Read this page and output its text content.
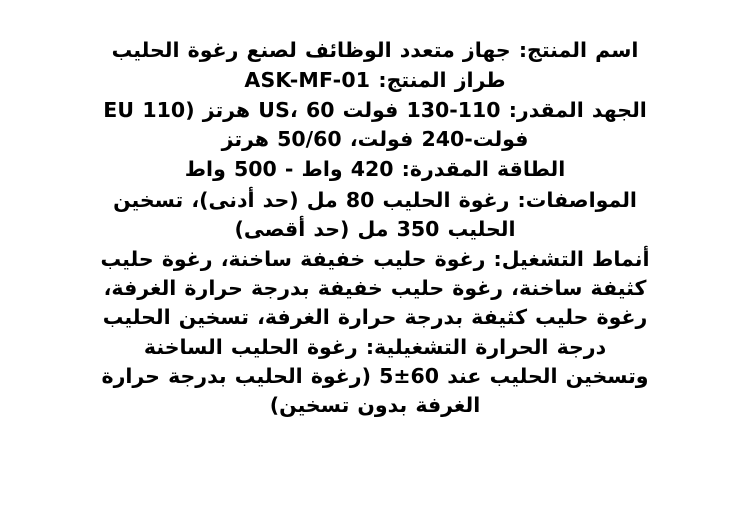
اسم المنتج: جهاز متعدد الوظائف لصنع رغوة الحليب
طراز المنتج: ASK-MF-01
الجهد المقدر: 110-130 فولت US، 60 هرتز (110 EU
فولت-240 فولت، 50/60 هرتز
الطاقة المقدرة: 420 واط - 500 واط
المواصفات: رغوة الحليب 80 مل (حد أدنى)، تسخين
الحليب 350 مل (حد أقصى)
أنماط التشغيل: رغوة حليب خفيفة ساخنة، رغوة حليب
كثيفة ساخنة، رغوة حليب خفيفة بدرجة حرارة الغرفة،
رغوة حليب كثيفة بدرجة حرارة الغرفة، تسخين الحليب
درجة الحرارة التشغيلية: رغوة الحليب الساخنة
وتسخين الحليب عند 60±5 (رغوة الحليب بدرجة حرارة
الغرفة بدون تسخين)
